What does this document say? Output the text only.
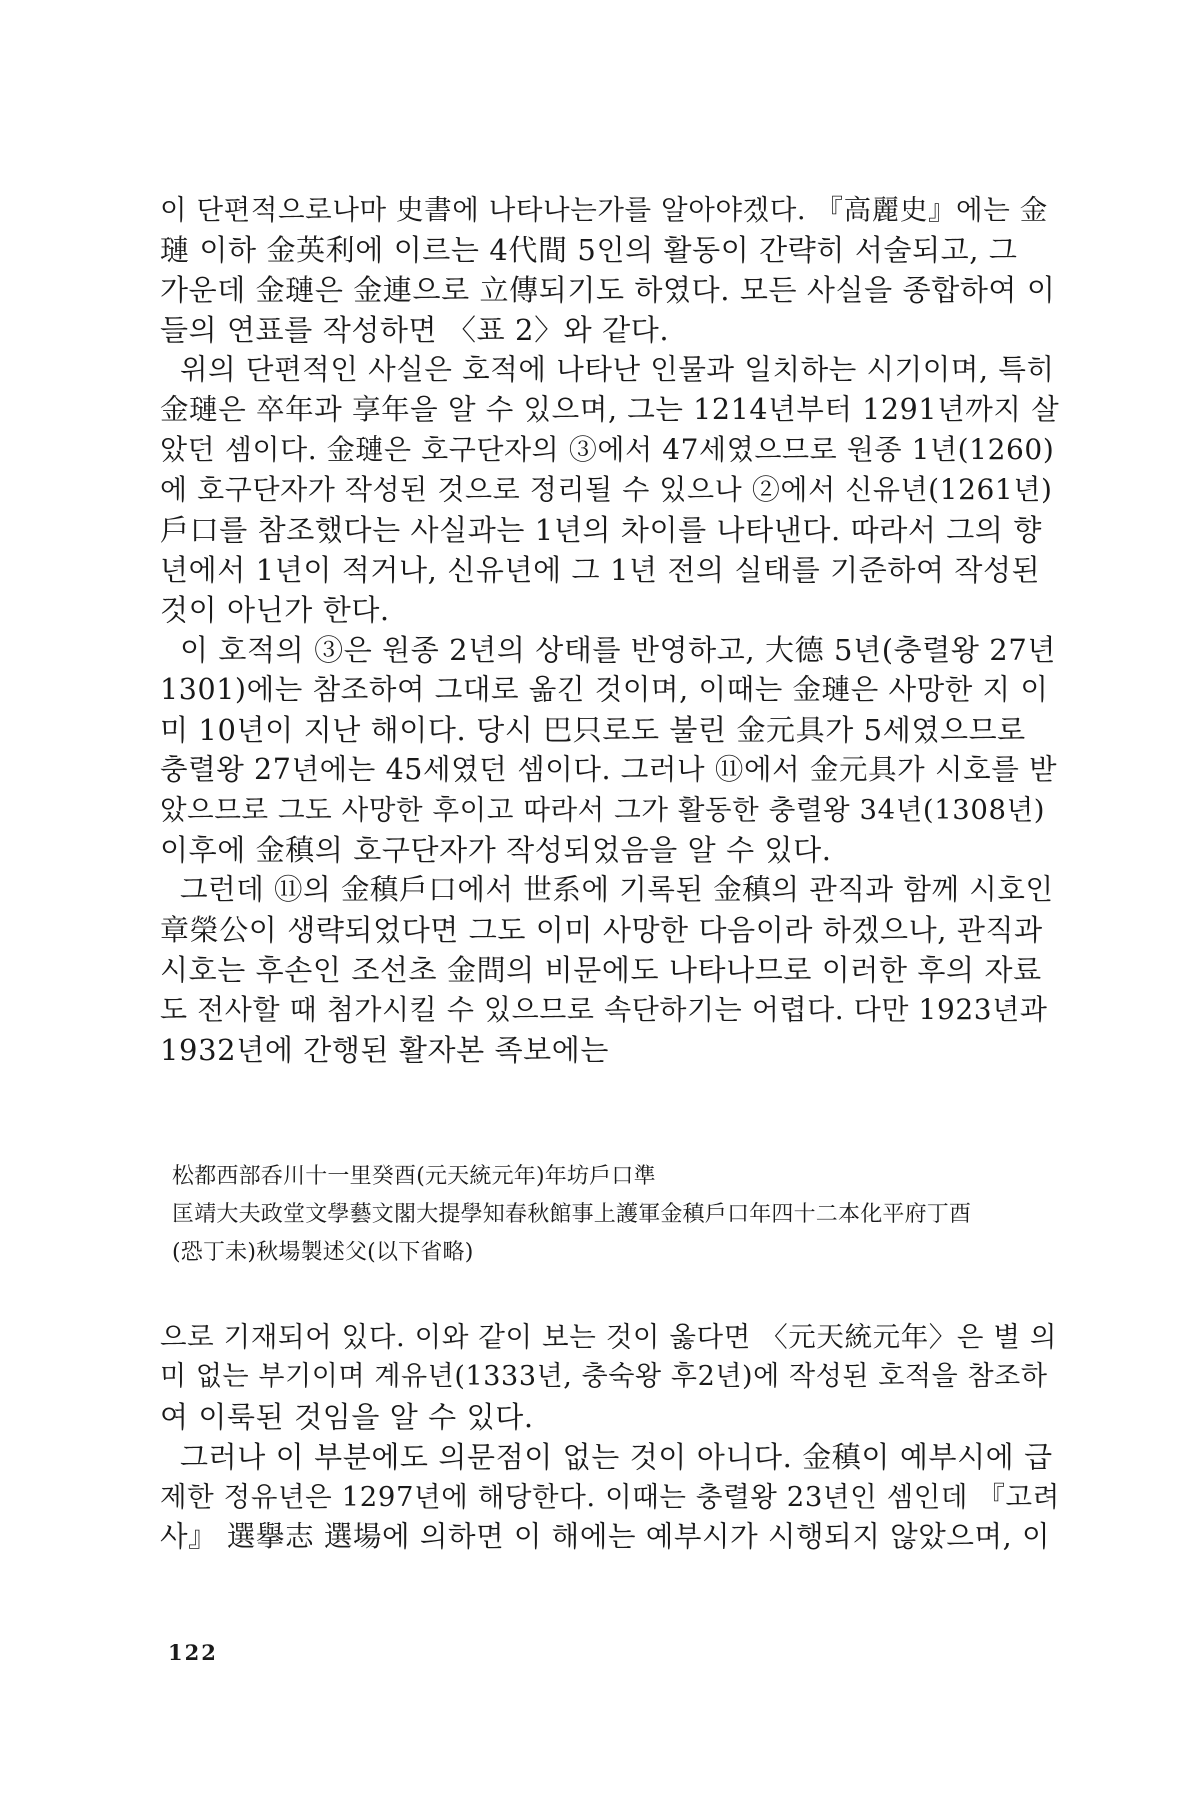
이 단편적으로나마 史書에 나타나는가를 알아야겠다. 『高麗史』에는 金
璉 이하 金英利에 이르는 4代間 5인의 활동이 간략히 서술되고, 그
가운데 金璉은 金連으로 立傳되기도 하였다. 모든 사실을 종합하여 이
들의 연표를 작성하면 〈표 2〉와 같다.
위의 단편적인 사실은 호적에 나타난 인물과 일치하는 시기이며, 특히
金璉은 卒年과 享年을 알 수 있으며, 그는 1214년부터 1291년까지 살
았던 셈이다. 金璉은 호구단자의 ③에서 47세였으므로 원종 1년(1260)
에 호구단자가 작성된 것으로 정리될 수 있으나 ②에서 신유년(1261년)
戶口를 참조했다는 사실과는 1년의 차이를 나타낸다. 따라서 그의 향
년에서 1년이 적거나, 신유년에 그 1년 전의 실태를 기준하여 작성된
것이 아닌가 한다.
이 호적의 ③은 원종 2년의 상태를 반영하고, 大德 5년(충렬왕 27년
1301)에는 참조하여 그대로 옮긴 것이며, 이때는 金璉은 사망한 지 이
미 10년이 지난 해이다. 당시 巴只로도 불린 金元具가 5세였으므로
충렬왕 27년에는 45세였던 셈이다. 그러나 ⑪에서 金元具가 시호를 받
았으므로 그도 사망한 후이고 따라서 그가 활동한 충렬왕 34년(1308년)
이후에 金稹의 호구단자가 작성되었음을 알 수 있다.
그런데 ⑪의 金稹戶口에서 世系에 기록된 金稹의 관직과 함께 시호인
章榮公이 생략되었다면 그도 이미 사망한 다음이라 하겠으나, 관직과
시호는 후손인 조선초 金問의 비문에도 나타나므로 이러한 후의 자료
도 전사할 때 첨가시킬 수 있으므로 속단하기는 어렵다. 다만 1923년과
1932년에 간행된 활자본 족보에는
松都西部呑川十一里癸酉(元天統元年)年坊戶口準
匡靖大夫政堂文學藝文閣大提學知春秋館事上護軍金稹戶口年四十二本化平府丁酉
(恐丁未)秋場製述父(以下省略)
으로 기재되어 있다. 이와 같이 보는 것이 옳다면 〈元天統元年〉은 별 의
미 없는 부기이며 계유년(1333년, 충숙왕 후2년)에 작성된 호적을 참조하
여 이룩된 것임을 알 수 있다.
그러나 이 부분에도 의문점이 없는 것이 아니다. 金稹이 예부시에 급
제한 정유년은 1297년에 해당한다. 이때는 충렬왕 23년인 셈인데 『고려
사』 選擧志 選場에 의하면 이 해에는 예부시가 시행되지 않았으며, 이
122
